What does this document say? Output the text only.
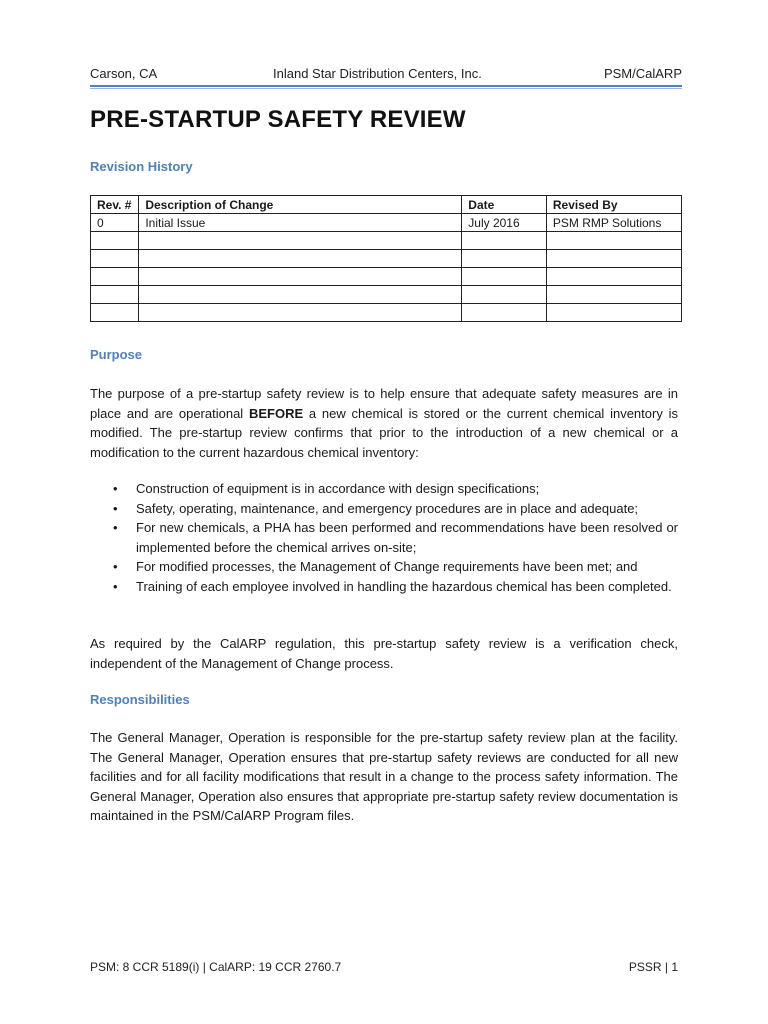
Carson, CA	Inland Star Distribution Centers, Inc.	PSM/CalARP
PRE-STARTUP SAFETY REVIEW
Revision History
Rev. #	Description of Change	Date	Revised By
0	Initial Issue	July 2016	PSM RMP Solutions

Purpose

The purpose of a pre-startup safety review is to help ensure that adequate safety measures are in place and are operational BEFORE a new chemical is stored or the current chemical inventory is modified. The pre-startup review confirms that prior to the introduction of a new chemical or a modification to the current hazardous chemical inventory:

• Construction of equipment is in accordance with design specifications;
• Safety, operating, maintenance, and emergency procedures are in place and adequate;
• For new chemicals, a PHA has been performed and recommendations have been resolved or implemented before the chemical arrives on-site;
• For modified processes, the Management of Change requirements have been met; and
• Training of each employee involved in handling the hazardous chemical has been completed.

As required by the CalARP regulation, this pre-startup safety review is a verification check, independent of the Management of Change process.

Responsibilities

The General Manager, Operation is responsible for the pre-startup safety review plan at the facility. The General Manager, Operation ensures that pre-startup safety reviews are conducted for all new facilities and for all facility modifications that result in a change to the process safety information. The General Manager, Operation also ensures that appropriate pre-startup safety review documentation is maintained in the PSM/CalARP Program files.

PSM: 8 CCR 5189(i) | CalARP: 19 CCR 2760.7	PSSR | 1
